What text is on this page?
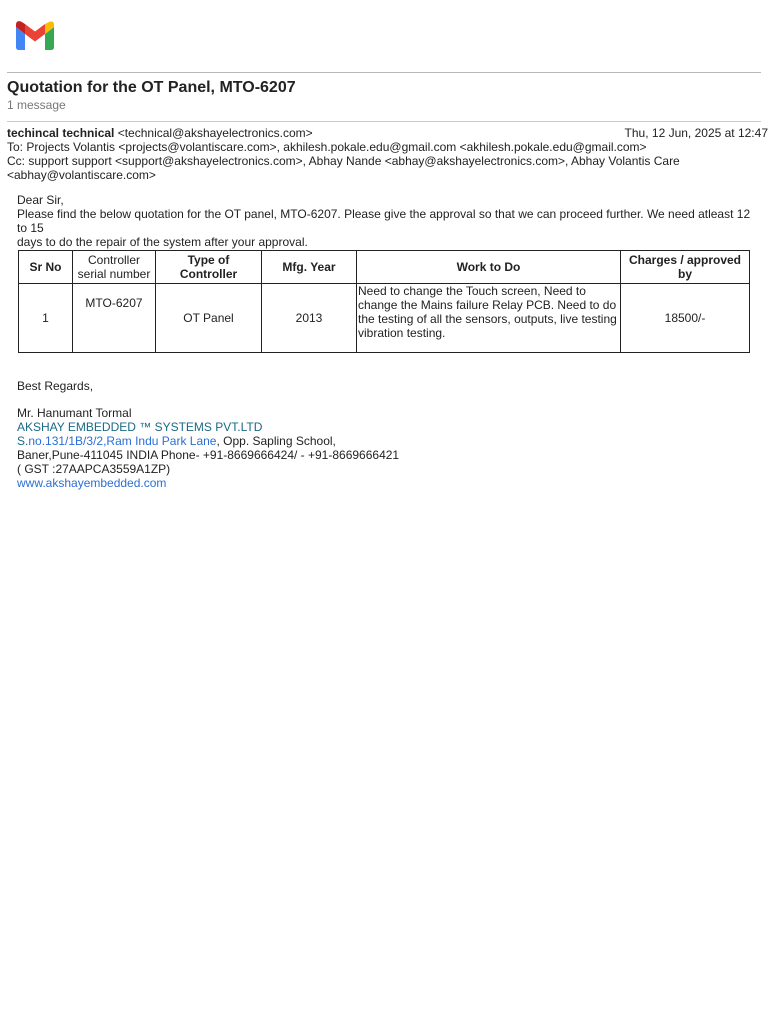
Quotation for the OT Panel, MTO-6207
1 message
techincal technical <technical@akshayelectronics.com>	Thu, 12 Jun, 2025 at 12:47
To: Projects Volantis <projects@volantiscare.com>, akhilesh.pokale.edu@gmail.com <akhilesh.pokale.edu@gmail.com>
Cc: support support <support@akshayelectronics.com>, Abhay Nande <abhay@akshayelectronics.com>, Abhay Volantis Care
<abhay@volantiscare.com>

Dear Sir,

Please find the below quotation for the OT panel, MTO-6207. Please give the approval so that we can proceed further. We need atleast 12 to 15

days to do the repair of the system after your approval.

Sr No	Controller serial number	Type of Controller	Mfg. Year	Work to Do	Charges / approved by
1	MTO-6207	OT Panel	2013	Need to change the Touch screen, Need to change the Mains failure Relay PCB. Need to do the testing of all the sensors, outputs, live testing vibration testing.	18500/-
Best Regards,
Mr. Hanumant Tormal
AKSHAY EMBEDDED ™ SYSTEMS PVT.LTD
S.no.131/1B/3/2,Ram Indu Park Lane, Opp. Sapling School,
Baner,Pune-411045 INDIA Phone- +91-8669666424/ - +91-8669666421
( GST :27AAPCA3559A1ZP)
www.akshayembedded.com
